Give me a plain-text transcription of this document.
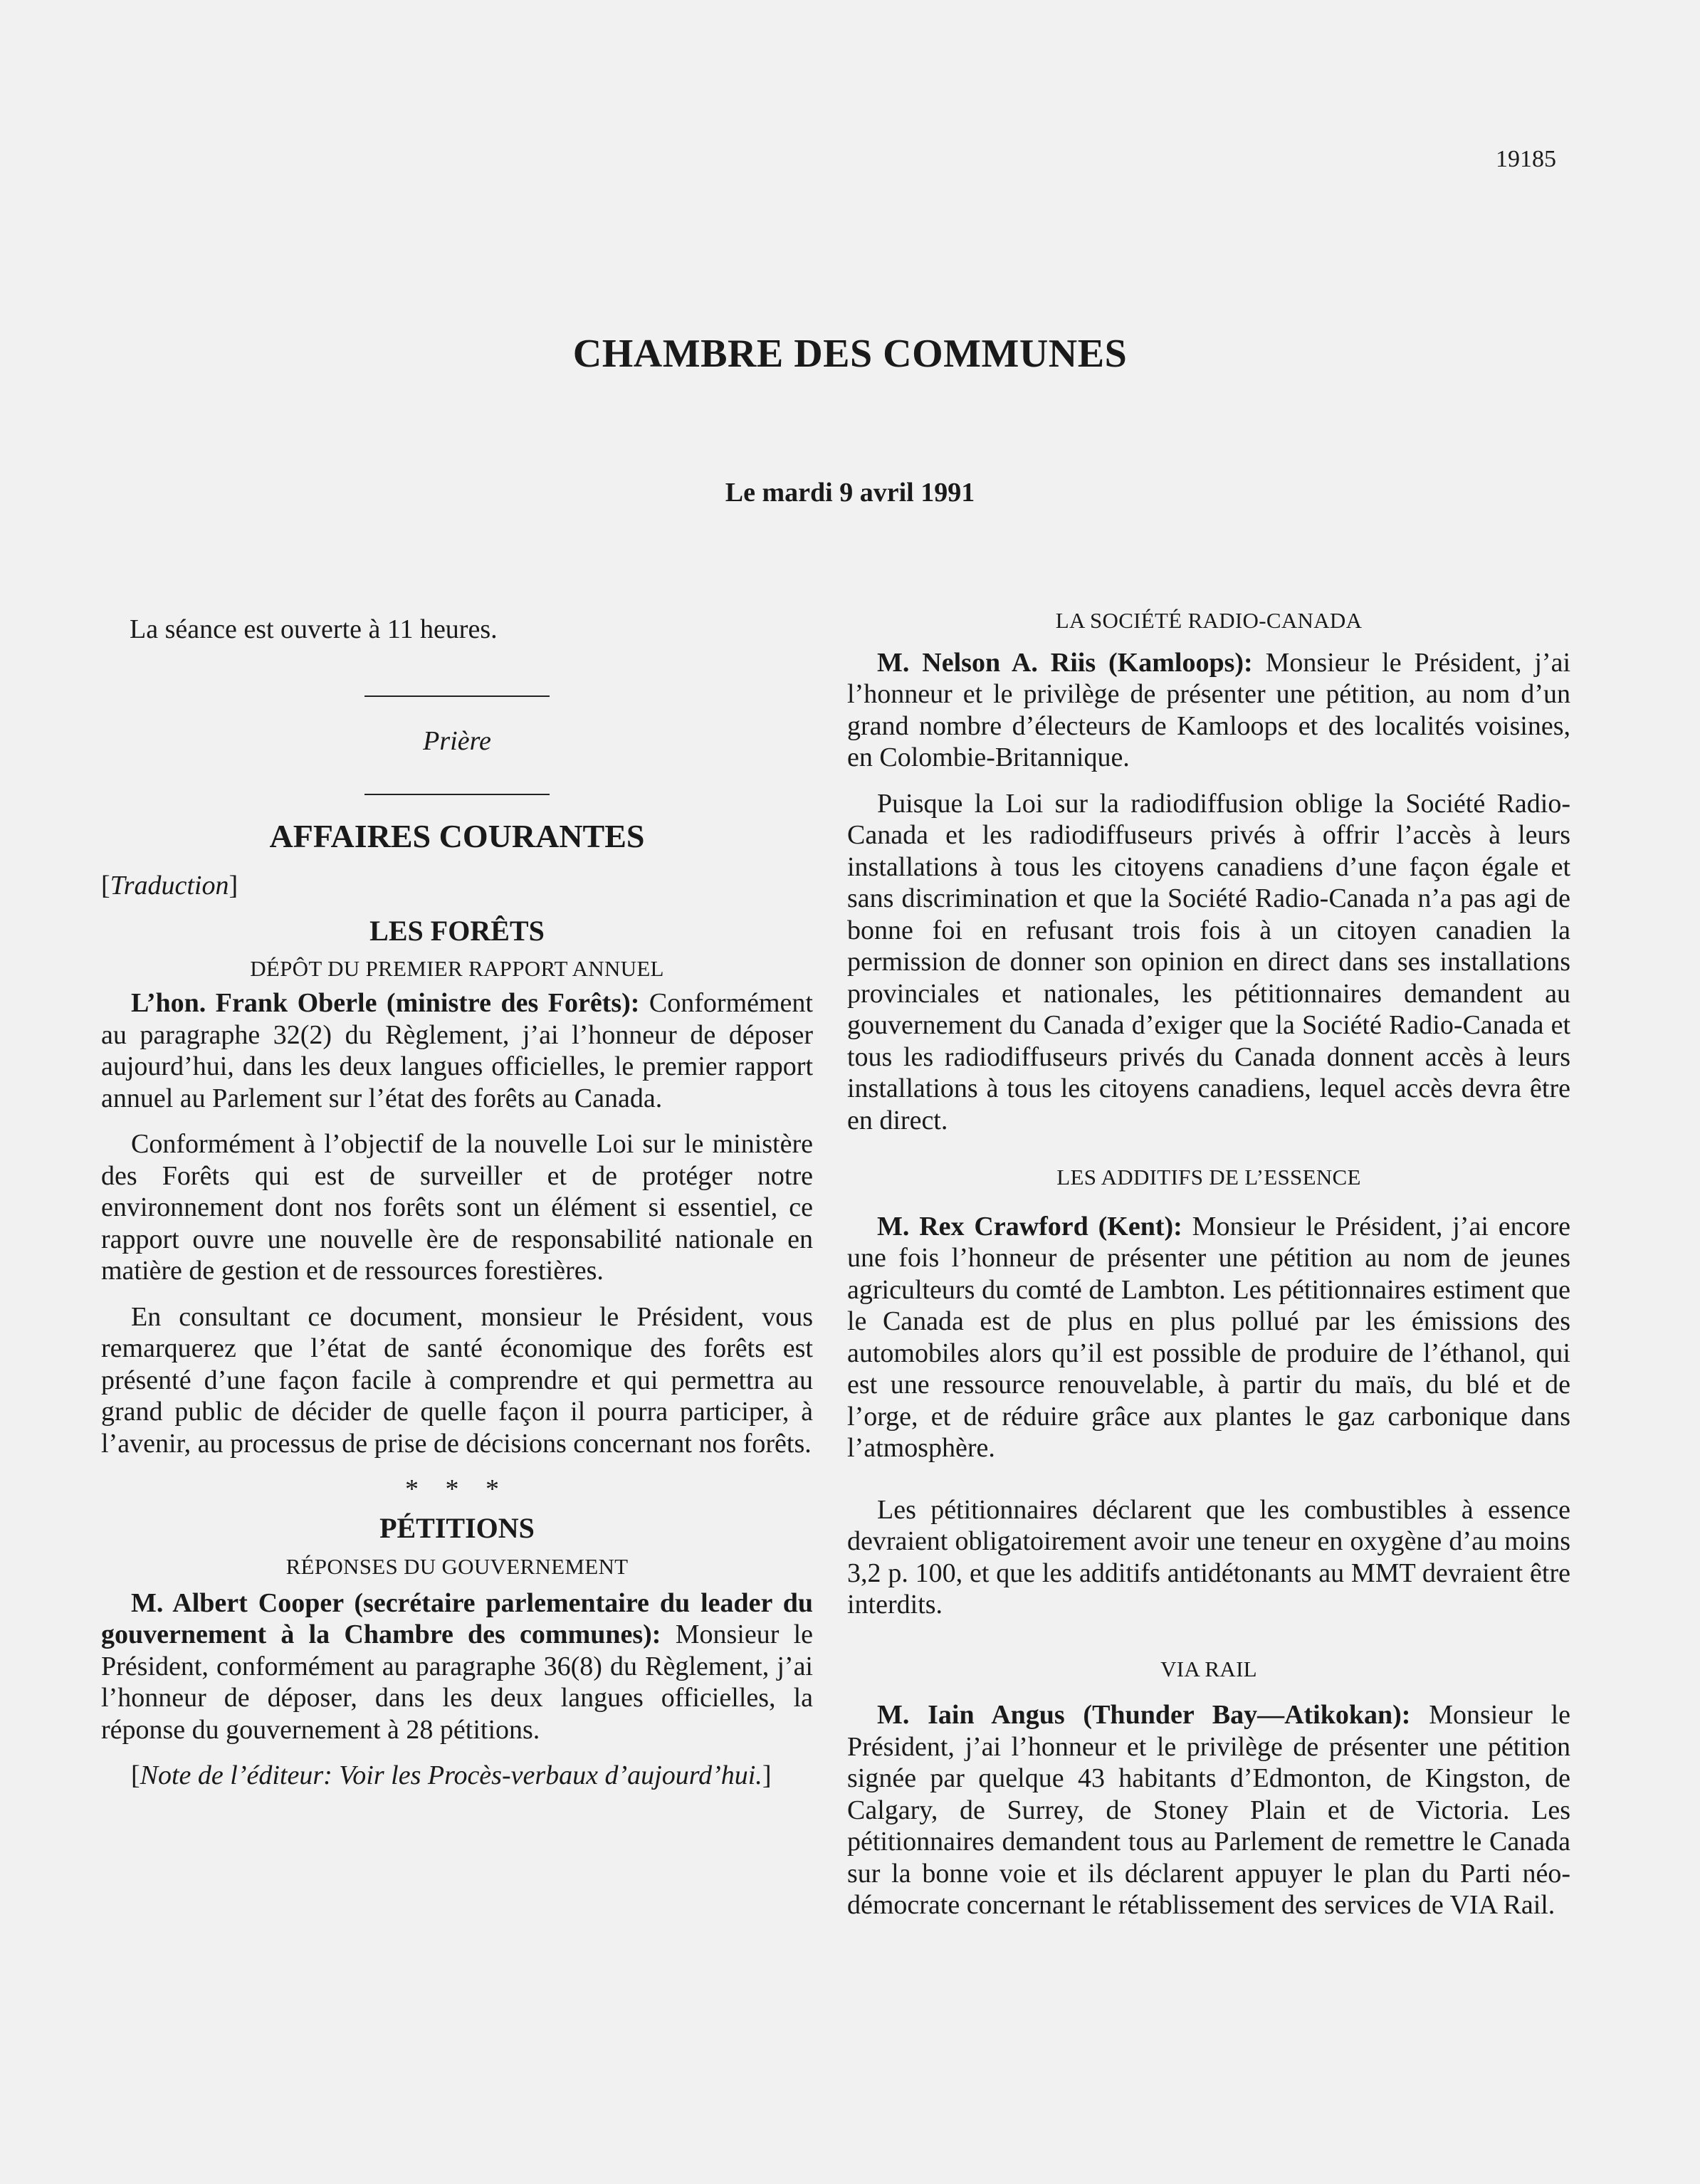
19185
CHAMBRE DES COMMUNES
Le mardi 9 avril 1991
La séance est ouverte à 11 heures.
Prière
AFFAIRES COURANTES
[Traduction]
LES FORÊTS
DÉPÔT DU PREMIER RAPPORT ANNUEL

L’hon. Frank Oberle (ministre des Forêts): Conformément au paragraphe 32(2) du Règlement, j’ai l’honneur de déposer aujourd’hui, dans les deux langues officielles, le premier rapport annuel au Parlement sur l’état des forêts au Canada.

Conformément à l’objectif de la nouvelle Loi sur le ministère des Forêts qui est de surveiller et de protéger notre environnement dont nos forêts sont un élément si essentiel, ce rapport ouvre une nouvelle ère de responsabilité nationale en matière de gestion et de ressources forestières.

En consultant ce document, monsieur le Président, vous remarquerez que l’état de santé économique des forêts est présenté d’une façon facile à comprendre et qui permettra au grand public de décider de quelle façon il pourra participer, à l’avenir, au processus de prise de décisions concernant nos forêts.

* * *
PÉTITIONS
RÉPONSES DU GOUVERNEMENT

M. Albert Cooper (secrétaire parlementaire du leader du gouvernement à la Chambre des communes): Monsieur le Président, conformément au paragraphe 36(8) du Règlement, j’ai l’honneur de déposer, dans les deux langues officielles, la réponse du gouvernement à 28 pétitions.

[Note de l’éditeur: Voir les Procès-verbaux d’aujourd’hui.]

LA SOCIÉTÉ RADIO-CANADA

M. Nelson A. Riis (Kamloops): Monsieur le Président, j’ai l’honneur et le privilège de présenter une pétition, au nom d’un grand nombre d’électeurs de Kamloops et des localités voisines, en Colombie-Britannique.

Puisque la Loi sur la radiodiffusion oblige la Société Radio-Canada et les radiodiffuseurs privés à offrir l’accès à leurs installations à tous les citoyens canadiens d’une façon égale et sans discrimination et que la Société Radio-Canada n’a pas agi de bonne foi en refusant trois fois à un citoyen canadien la permission de donner son opinion en direct dans ses installations provinciales et nationales, les pétitionnaires demandent au gouvernement du Canada d’exiger que la Société Radio-Canada et tous les radiodiffuseurs privés du Canada donnent accès à leurs installations à tous les citoyens canadiens, lequel accès devra être en direct.

LES ADDITIFS DE L’ESSENCE

M. Rex Crawford (Kent): Monsieur le Président, j’ai encore une fois l’honneur de présenter une pétition au nom de jeunes agriculteurs du comté de Lambton. Les pétitionnaires estiment que le Canada est de plus en plus pollué par les émissions des automobiles alors qu’il est possible de produire de l’éthanol, qui est une ressource renouvelable, à partir du maïs, du blé et de l’orge, et de réduire grâce aux plantes le gaz carbonique dans l’atmosphère.

Les pétitionnaires déclarent que les combustibles à essence devraient obligatoirement avoir une teneur en oxygène d’au moins 3,2 p. 100, et que les additifs antidétonants au MMT devraient être interdits.

VIA RAIL

M. Iain Angus (Thunder Bay—Atikokan): Monsieur le Président, j’ai l’honneur et le privilège de présenter une pétition signée par quelque 43 habitants d’Edmonton, de Kingston, de Calgary, de Surrey, de Stoney Plain et de Victoria. Les pétitionnaires demandent tous au Parlement de remettre le Canada sur la bonne voie et ils déclarent appuyer le plan du Parti néo-démocrate concernant le rétablissement des services de VIA Rail.
